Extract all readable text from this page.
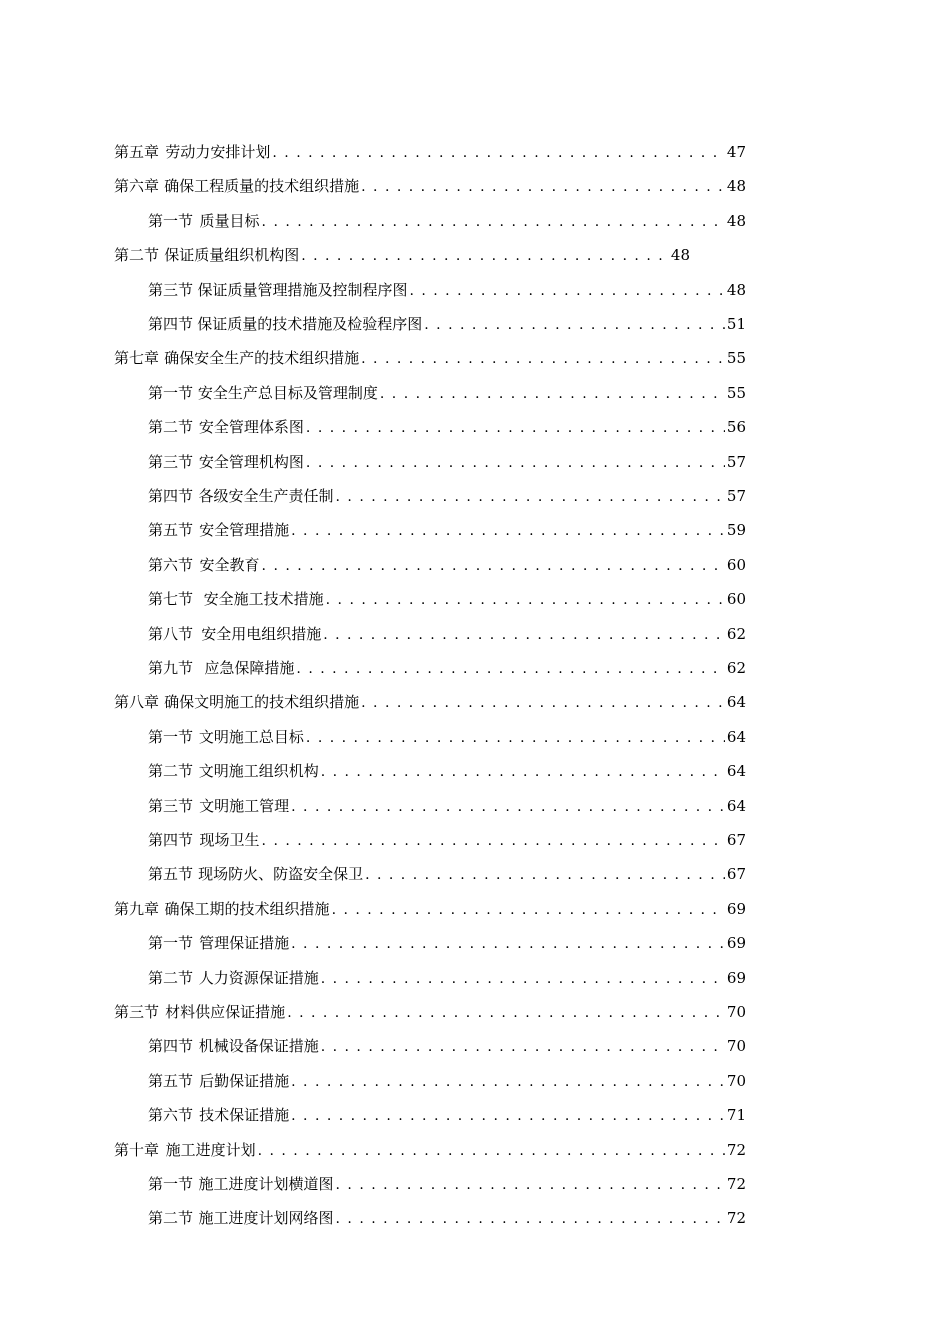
第五章 劳动力安排计划 . . .	47
第六章 确保工程质量的技术组织措施 . . .	48
第一节 质量目标 . . .	48
第二节 保证质量组织机构图 . . .	48
第三节 保证质量管理措施及控制程序图 . . .	48
第四节 保证质量的技术措施及检验程序图 . . .	51
第七章 确保安全生产的技术组织措施 . . .	55
第一节 安全生产总目标及管理制度 . . .	55
第二节 安全管理体系图 . . .	56
第三节 安全管理机构图 . . .	57
第四节 各级安全生产责任制 . . .	57
第五节 安全管理措施 . . .	59
第六节 安全教育 . . .	60
第七节 安全施工技术措施 . . .	60
第八节 安全用电组织措施 . . .	62
第九节 应急保障措施 . . .	62
第八章 确保文明施工的技术组织措施 . . .	64
第一节 文明施工总目标 . . .	64
第二节 文明施工组织机构 . . .	64
第三节 文明施工管理 . . .	64
第四节 现场卫生 . . .	67
第五节 现场防火、防盗安全保卫 . . .	67
第九章 确保工期的技术组织措施 . . .	69
第一节 管理保证措施 . . .	69
第二节 人力资源保证措施 . . .	69
第三节 材料供应保证措施 . . .	70
第四节 机械设备保证措施 . . .	70
第五节 后勤保证措施 . . .	70
第六节 技术保证措施 . . .	71
第十章 施工进度计划 . . .	72
第一节 施工进度计划横道图 . . .	72
第二节 施工进度计划网络图 . . .	72
